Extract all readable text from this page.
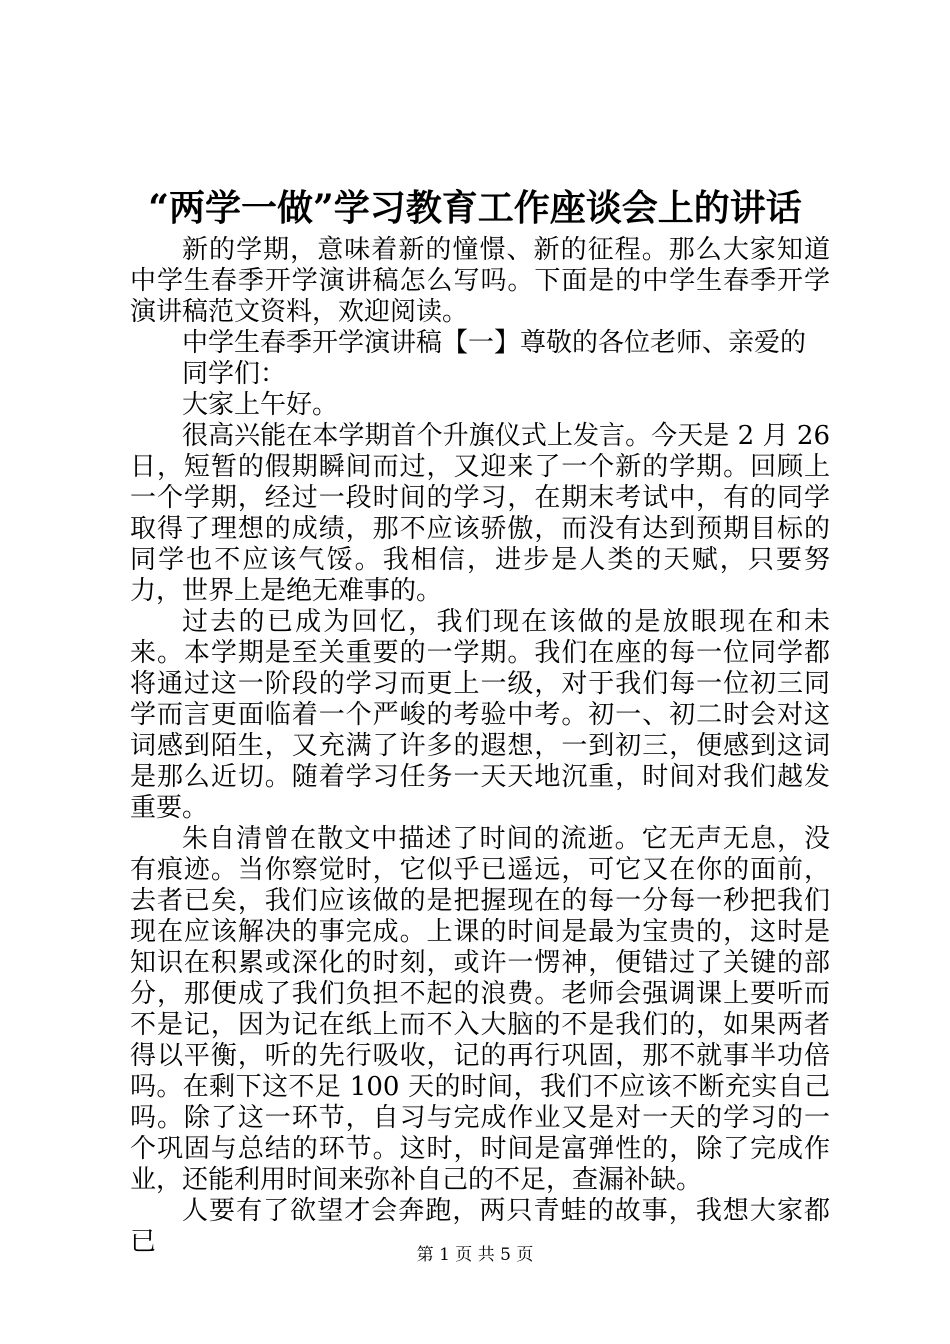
“两学一做”学习教育工作座谈会上的讲话

新的学期，意味着新的憧憬、新的征程。那么大家知道中学生春季开学演讲稿怎么写吗。下面是的中学生春季开学演讲稿范文资料，欢迎阅读。

中学生春季开学演讲稿【一】尊敬的各位老师、亲爱的

同学们：

大家上午好。

很高兴能在本学期首个升旗仪式上发言。今天是 2 月 26 日，短暂的假期瞬间而过，又迎来了一个新的学期。回顾上一个学期，经过一段时间的学习，在期末考试中，有的同学取得了理想的成绩，那不应该骄傲，而没有达到预期目标的同学也不应该气馁。我相信，进步是人类的天赋，只要努力，世界上是绝无难事的。

过去的已成为回忆，我们现在该做的是放眼现在和未来。本学期是至关重要的一学期。我们在座的每一位同学都将通过这一阶段的学习而更上一级，对于我们每一位初三同学而言更面临着一个严峻的考验中考。初一、初二时会对这词感到陌生，又充满了许多的遐想，一到初三，便感到这词是那么近切。随着学习任务一天天地沉重，时间对我们越发重要。

朱自清曾在散文中描述了时间的流逝。它无声无息，没有痕迹。当你察觉时，它似乎已遥远，可它又在你的面前，去者已矣，我们应该做的是把握现在的每一分每一秒把我们现在应该解决的事完成。上课的时间是最为宝贵的，这时是知识在积累或深化的时刻，或许一愣神，便错过了关键的部分，那便成了我们负担不起的浪费。老师会强调课上要听而不是记，因为记在纸上而不入大脑的不是我们的，如果两者得以平衡，听的先行吸收，记的再行巩固，那不就事半功倍吗。在剩下这不足 100 天的时间，我们不应该不断充实自己吗。除了这一环节，自习与完成作业又是对一天的学习的一个巩固与总结的环节。这时，时间是富弹性的，除了完成作业，还能利用时间来弥补自己的不足，查漏补缺。

人要有了欲望才会奔跑，两只青蛙的故事，我想大家都已	第 1 页 共 5 页
